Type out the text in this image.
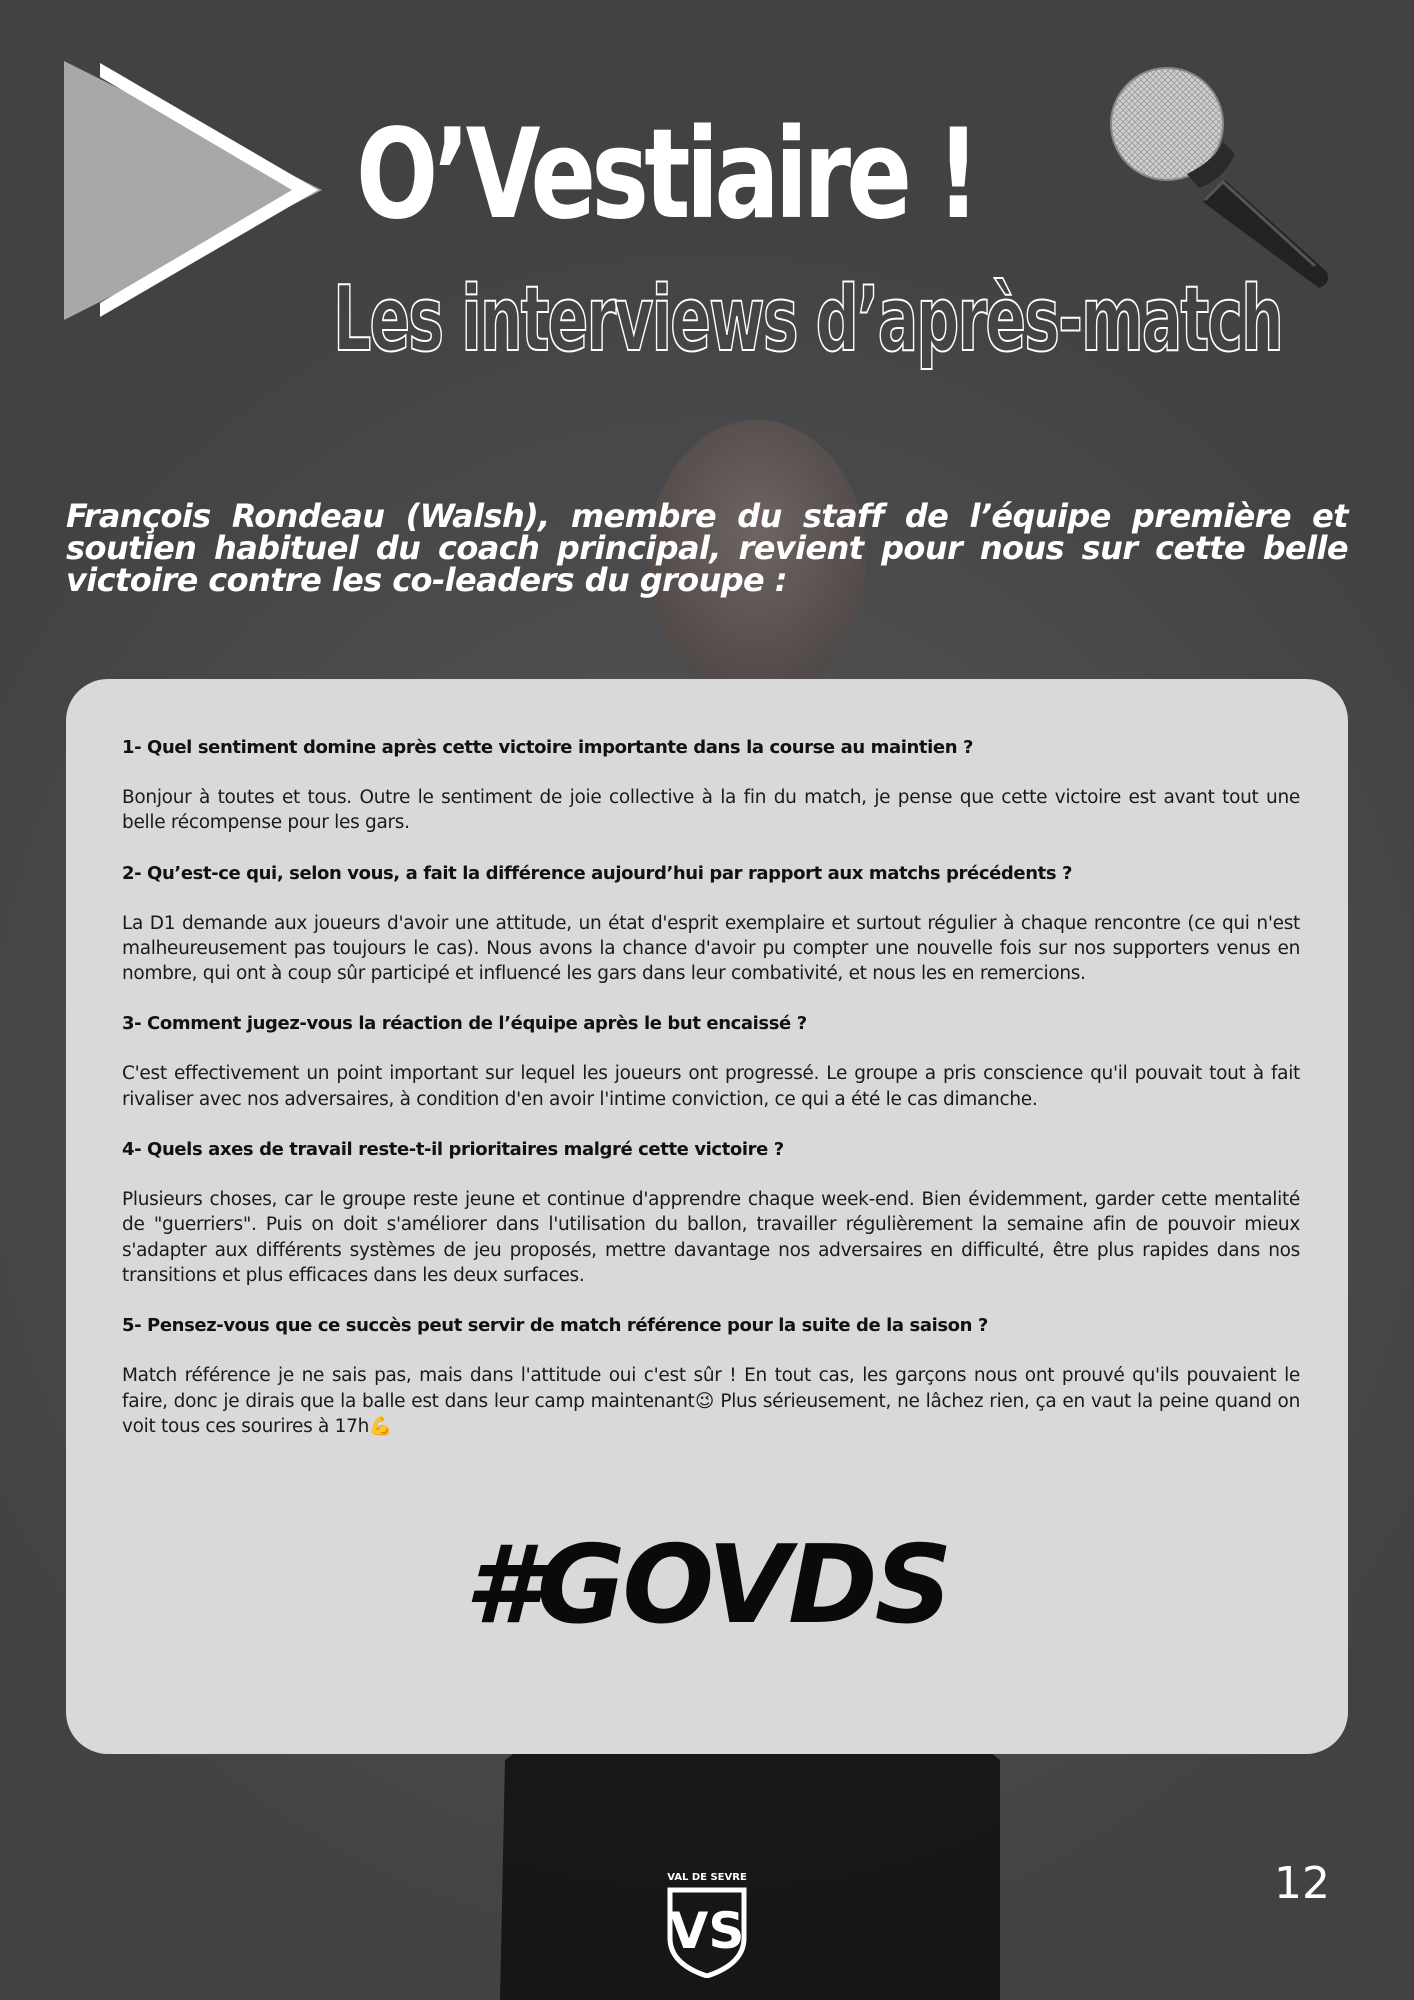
O’Vestiaire !
Les interviews d’après-match
François Rondeau (Walsh), membre du staff de l’équipe première et soutien habituel du coach principal, revient pour nous sur cette belle victoire contre les co-leaders du groupe :
1- Quel sentiment domine après cette victoire importante dans la course au maintien ?
Bonjour à toutes et tous. Outre le sentiment de joie collective à la fin du match, je pense que cette victoire est avant tout une belle récompense pour les gars.
2- Qu’est-ce qui, selon vous, a fait la différence aujourd’hui par rapport aux matchs précédents ?
La D1 demande aux joueurs d'avoir une attitude, un état d'esprit exemplaire et surtout régulier à chaque rencontre (ce qui n'est malheureusement pas toujours le cas). Nous avons la chance d'avoir pu compter une nouvelle fois sur nos supporters venus en nombre, qui ont à coup sûr participé et influencé les gars dans leur combativité, et nous les en remercions.
3- Comment jugez-vous la réaction de l’équipe après le but encaissé ?
C'est effectivement un point important sur lequel les joueurs ont progressé. Le groupe a pris conscience qu'il pouvait tout à fait rivaliser avec nos adversaires, à condition d'en avoir l'intime conviction, ce qui a été le cas dimanche.
4- Quels axes de travail reste-t-il prioritaires malgré cette victoire ?
Plusieurs choses, car le groupe reste jeune et continue d'apprendre chaque week-end. Bien évidemment, garder cette mentalité de "guerriers". Puis on doit s'améliorer dans l'utilisation du ballon, travailler régulièrement la semaine afin de pouvoir mieux s'adapter aux différents systèmes de jeu proposés, mettre davantage nos adversaires en difficulté, être plus rapides dans nos transitions et plus efficaces dans les deux surfaces.
5- Pensez-vous que ce succès peut servir de match référence pour la suite de la saison ?
Match référence je ne sais pas, mais dans l'attitude oui c'est sûr ! En tout cas, les garçons nous ont prouvé qu'ils pouvaient le faire, donc je dirais que la balle est dans leur camp maintenant😉 Plus sérieusement, ne lâchez rien, ça en vaut la peine quand on voit tous ces sourires à 17h💪
#GOVDS
VAL DE SEVRE
VS
12
